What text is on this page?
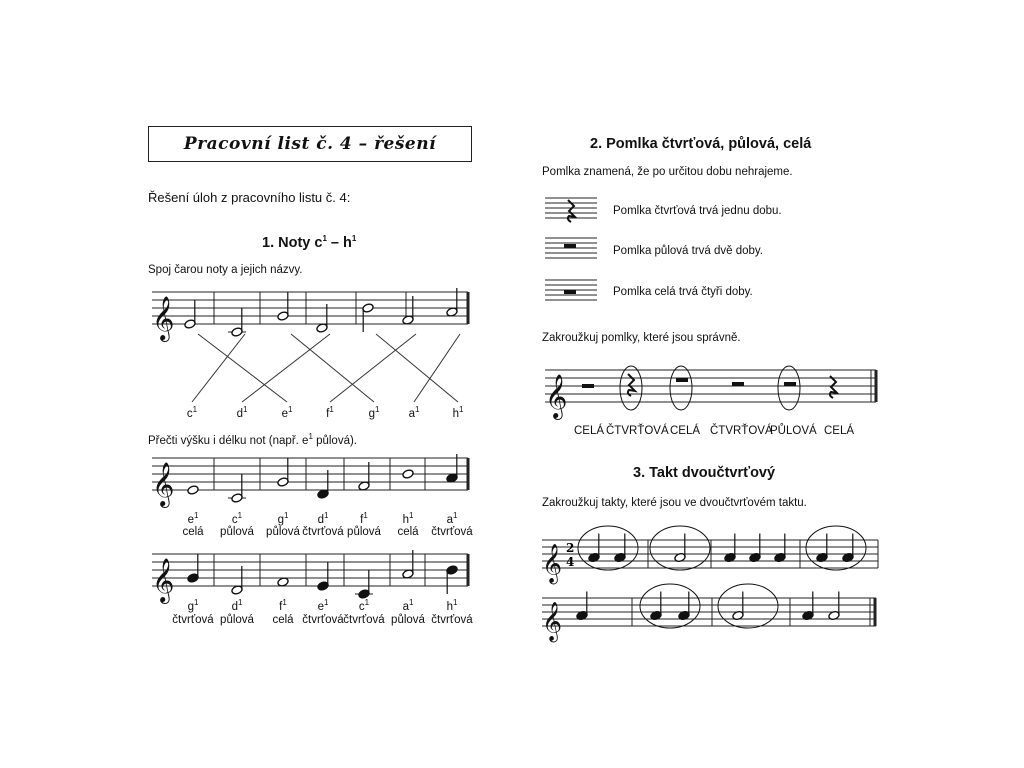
Pracovní list č. 4 – řešení
Řešení úloh z pracovního listu č. 4:
1. Noty $c^1 - h^1$
Spoj čarou noty a jejich názvy.
Přečti výšku i délku not (např. $e^1$ půlová).
$c^1$	$d^1$	$e^1$	$f^1$	$g^1$	$a^1$	$h^1$
$e^1$
celá
$c^1$
půlová
$g^1$
půlová
$d^1$
čtvrťová
$f^1$
půlová
$h^1$
celá
$a^1$
čtvrťová
$g^1$
čtvrťová
$d^1$
půlová
$f^1$
celá
$e^1$
čtvrťová
$c^1$
čtvrťová
$a^1$
půlová
$h^1$
čtvrťová
2. Pomlka čtvrťová, půlová, celá
Pomlka znamená, že po určitou dobu nehrajeme.
Pomlka čtvrťová trvá jednu dobu.
Pomlka půlová trvá dvě doby.
Pomlka celá trvá čtyři doby.
Zakroužkuj pomlky, které jsou správně.
CELÁ ČTVRŤOVÁ CELÁ ČTVRŤOVÁ
PŮLOVÁ CELÁ
3. Takt dvoučtvrťový
Zakroužkuj takty, které jsou ve dvoučtvrťovém taktu.
𝄞
𝄞
𝄞
𝄞
𝄞 2
4
𝄞
